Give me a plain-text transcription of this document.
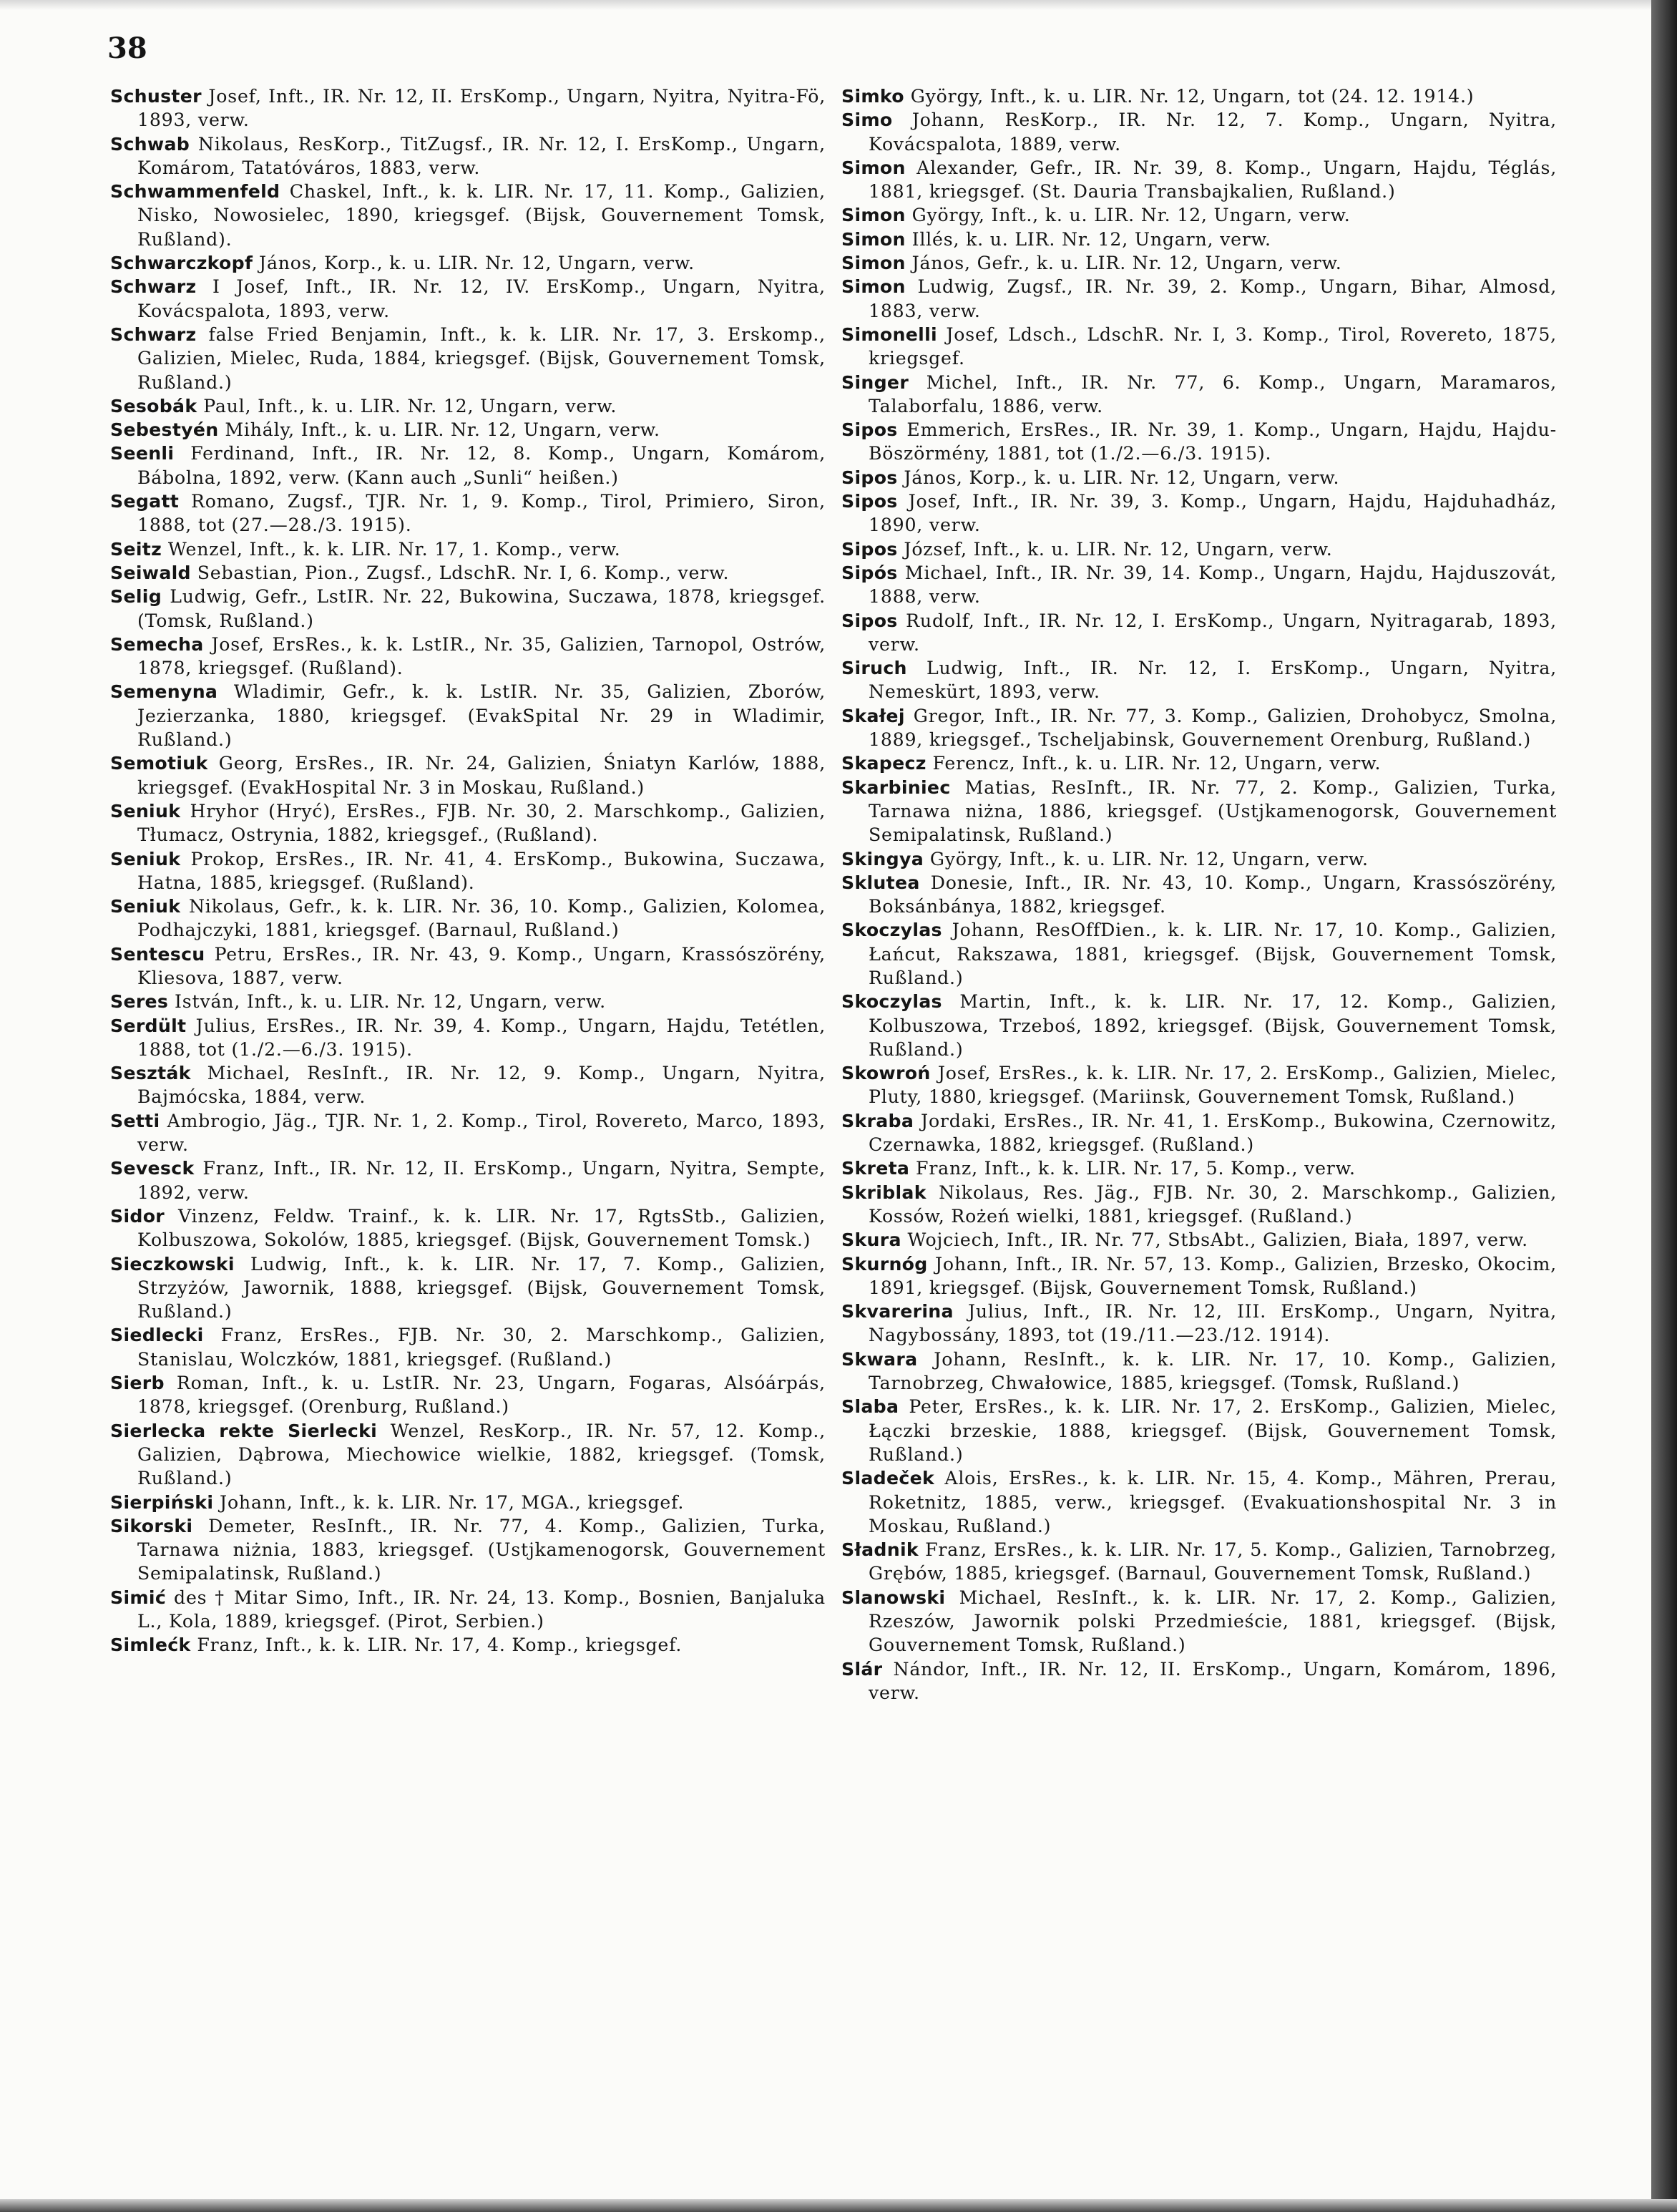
38

Schuster Josef, Inft., IR. Nr. 12, II. ErsKomp., Ungarn, Nyitra, Nyitra-Fö, 1893, verw.

Schwab Nikolaus, ResKorp., TitZugsf., IR. Nr. 12, I. ErsKomp., Ungarn, Komárom, Tatatóváros, 1883, verw.

Schwammenfeld Chaskel, Inft., k. k. LIR. Nr. 17, 11. Komp., Galizien, Nisko, Nowosielec, 1890, kriegsgef. (Bijsk, Gouvernement Tomsk, Rußland).

Schwarczkopf János, Korp., k. u. LIR. Nr. 12, Ungarn, verw.

Schwarz I Josef, Inft., IR. Nr. 12, IV. ErsKomp., Ungarn, Nyitra, Kovácspalota, 1893, verw.

Schwarz false Fried Benjamin, Inft., k. k. LIR. Nr. 17, 3. Erskomp., Galizien, Mielec, Ruda, 1884, kriegsgef. (Bijsk, Gouvernement Tomsk, Rußland.)

Sesobák Paul, Inft., k. u. LIR. Nr. 12, Ungarn, verw.

Sebestyén Mihály, Inft., k. u. LIR. Nr. 12, Ungarn, verw.

Seenli Ferdinand, Inft., IR. Nr. 12, 8. Komp., Ungarn, Komárom, Bábolna, 1892, verw. (Kann auch „Sunli“ heißen.)

Segatt Romano, Zugsf., TJR. Nr. 1, 9. Komp., Tirol, Primiero, Siron, 1888, tot (27.—28./3. 1915).

Seitz Wenzel, Inft., k. k. LIR. Nr. 17, 1. Komp., verw.

Seiwald Sebastian, Pion., Zugsf., LdschR. Nr. I, 6. Komp., verw.

Selig Ludwig, Gefr., LstIR. Nr. 22, Bukowina, Suczawa, 1878, kriegsgef. (Tomsk, Rußland.)

Semecha Josef, ErsRes., k. k. LstIR., Nr. 35, Galizien, Tarnopol, Ostrów, 1878, kriegsgef. (Rußland).

Semenyna Wladimir, Gefr., k. k. LstIR. Nr. 35, Galizien, Zborów, Jezierzanka, 1880, kriegsgef. (EvakSpital Nr. 29 in Wladimir, Rußland.)

Semotiuk Georg, ErsRes., IR. Nr. 24, Galizien, Śniatyn Karlów, 1888, kriegsgef. (EvakHospital Nr. 3 in Moskau, Rußland.)

Seniuk Hryhor (Hryć), ErsRes., FJB. Nr. 30, 2. Marschkomp., Galizien, Tłumacz, Ostrynia, 1882, kriegsgef., (Rußland).

Seniuk Prokop, ErsRes., IR. Nr. 41, 4. ErsKomp., Bukowina, Suczawa, Hatna, 1885, kriegsgef. (Rußland).

Seniuk Nikolaus, Gefr., k. k. LIR. Nr. 36, 10. Komp., Galizien, Kolomea, Podhajczyki, 1881, kriegsgef. (Barnaul, Rußland.)

Sentescu Petru, ErsRes., IR. Nr. 43, 9. Komp., Ungarn, Krassószörény, Kliesova, 1887, verw.

Seres István, Inft., k. u. LIR. Nr. 12, Ungarn, verw.

Serdült Julius, ErsRes., IR. Nr. 39, 4. Komp., Ungarn, Hajdu, Tetétlen, 1888, tot (1./2.—6./3. 1915).

Seszták Michael, ResInft., IR. Nr. 12, 9. Komp., Ungarn, Nyitra, Bajmócska, 1884, verw.

Setti Ambrogio, Jäg., TJR. Nr. 1, 2. Komp., Tirol, Rovereto, Marco, 1893, verw.

Sevesck Franz, Inft., IR. Nr. 12, II. ErsKomp., Ungarn, Nyitra, Sempte, 1892, verw.

Sidor Vinzenz, Feldw. Trainf., k. k. LIR. Nr. 17, RgtsStb., Galizien, Kolbuszowa, Sokolów, 1885, kriegsgef. (Bijsk, Gouvernement Tomsk.)

Sieczkowski Ludwig, Inft., k. k. LIR. Nr. 17, 7. Komp., Galizien, Strzyżów, Jawornik, 1888, kriegsgef. (Bijsk, Gouvernement Tomsk, Rußland.)

Siedlecki Franz, ErsRes., FJB. Nr. 30, 2. Marschkomp., Galizien, Stanislau, Wolczków, 1881, kriegsgef. (Rußland.)

Sierb Roman, Inft., k. u. LstIR. Nr. 23, Ungarn, Fogaras, Alsóárpás, 1878, kriegsgef. (Orenburg, Rußland.)

Sierlecka rekte Sierlecki Wenzel, ResKorp., IR. Nr. 57, 12. Komp., Galizien, Dąbrowa, Miechowice wielkie, 1882, kriegsgef. (Tomsk, Rußland.)

Sierpiński Johann, Inft., k. k. LIR. Nr. 17, MGA., kriegsgef.

Sikorski Demeter, ResInft., IR. Nr. 77, 4. Komp., Galizien, Turka, Tarnawa niżnia, 1883, kriegsgef. (Ustjkamenogorsk, Gouvernement Semipalatinsk, Rußland.)

Simić des † Mitar Simo, Inft., IR. Nr. 24, 13. Komp., Bosnien, Banjaluka L., Kola, 1889, kriegsgef. (Pirot, Serbien.)

Simlećk Franz, Inft., k. k. LIR. Nr. 17, 4. Komp., kriegsgef.

Simko György, Inft., k. u. LIR. Nr. 12, Ungarn, tot (24. 12. 1914.)

Simo Johann, ResKorp., IR. Nr. 12, 7. Komp., Ungarn, Nyitra, Kovácspalota, 1889, verw.

Simon Alexander, Gefr., IR. Nr. 39, 8. Komp., Ungarn, Hajdu, Téglás, 1881, kriegsgef. (St. Dauria Transbajkalien, Rußland.)

Simon György, Inft., k. u. LIR. Nr. 12, Ungarn, verw.

Simon Illés, k. u. LIR. Nr. 12, Ungarn, verw.

Simon János, Gefr., k. u. LIR. Nr. 12, Ungarn, verw.

Simon Ludwig, Zugsf., IR. Nr. 39, 2. Komp., Ungarn, Bihar, Almosd, 1883, verw.

Simonelli Josef, Ldsch., LdschR. Nr. I, 3. Komp., Tirol, Rovereto, 1875, kriegsgef.

Singer Michel, Inft., IR. Nr. 77, 6. Komp., Ungarn, Maramaros, Talaborfalu, 1886, verw.

Sipos Emmerich, ErsRes., IR. Nr. 39, 1. Komp., Ungarn, Hajdu, Hajdu-Böszörmény, 1881, tot (1./2.—6./3. 1915).

Sipos János, Korp., k. u. LIR. Nr. 12, Ungarn, verw.

Sipos Josef, Inft., IR. Nr. 39, 3. Komp., Ungarn, Hajdu, Hajduhadház, 1890, verw.

Sipos József, Inft., k. u. LIR. Nr. 12, Ungarn, verw.

Sipós Michael, Inft., IR. Nr. 39, 14. Komp., Ungarn, Hajdu, Hajduszovát, 1888, verw.

Sipos Rudolf, Inft., IR. Nr. 12, I. ErsKomp., Ungarn, Nyitragarab, 1893, verw.

Siruch Ludwig, Inft., IR. Nr. 12, I. ErsKomp., Ungarn, Nyitra, Nemeskürt, 1893, verw.

Skałej Gregor, Inft., IR. Nr. 77, 3. Komp., Galizien, Drohobycz, Smolna, 1889, kriegsgef., Tscheljabinsk, Gouvernement Orenburg, Rußland.)

Skapecz Ferencz, Inft., k. u. LIR. Nr. 12, Ungarn, verw.

Skarbiniec Matias, ResInft., IR. Nr. 77, 2. Komp., Galizien, Turka, Tarnawa niżna, 1886, kriegsgef. (Ustjkamenogorsk, Gouvernement Semipalatinsk, Rußland.)

Skingya György, Inft., k. u. LIR. Nr. 12, Ungarn, verw.

Sklutea Donesie, Inft., IR. Nr. 43, 10. Komp., Ungarn, Krassószörény, Boksánbánya, 1882, kriegsgef.

Skoczylas Johann, ResOffDien., k. k. LIR. Nr. 17, 10. Komp., Galizien, Łańcut, Rakszawa, 1881, kriegsgef. (Bijsk, Gouvernement Tomsk, Rußland.)

Skoczylas Martin, Inft., k. k. LIR. Nr. 17, 12. Komp., Galizien, Kolbuszowa, Trzeboś, 1892, kriegsgef. (Bijsk, Gouvernement Tomsk, Rußland.)

Skowroń Josef, ErsRes., k. k. LIR. Nr. 17, 2. ErsKomp., Galizien, Mielec, Pluty, 1880, kriegsgef. (Mariinsk, Gouvernement Tomsk, Rußland.)

Skraba Jordaki, ErsRes., IR. Nr. 41, 1. ErsKomp., Bukowina, Czernowitz, Czernawka, 1882, kriegsgef. (Rußland.)

Skreta Franz, Inft., k. k. LIR. Nr. 17, 5. Komp., verw.

Skriblak Nikolaus, Res. Jäg., FJB. Nr. 30, 2. Marschkomp., Galizien, Kossów, Rożeń wielki, 1881, kriegsgef. (Rußland.)

Skura Wojciech, Inft., IR. Nr. 77, StbsAbt., Galizien, Biała, 1897, verw.

Skurnóg Johann, Inft., IR. Nr. 57, 13. Komp., Galizien, Brzesko, Okocim, 1891, kriegsgef. (Bijsk, Gouvernement Tomsk, Rußland.)

Skvarerina Julius, Inft., IR. Nr. 12, III. ErsKomp., Ungarn, Nyitra, Nagybossány, 1893, tot (19./11.—23./12. 1914).

Skwara Johann, ResInft., k. k. LIR. Nr. 17, 10. Komp., Galizien, Tarnobrzeg, Chwałowice, 1885, kriegsgef. (Tomsk, Rußland.)

Slaba Peter, ErsRes., k. k. LIR. Nr. 17, 2. ErsKomp., Galizien, Mielec, Łączki brzeskie, 1888, kriegsgef. (Bijsk, Gouvernement Tomsk, Rußland.)

Sladeček Alois, ErsRes., k. k. LIR. Nr. 15, 4. Komp., Mähren, Prerau, Roketnitz, 1885, verw., kriegsgef. (Evakuationshospital Nr. 3 in Moskau, Rußland.)

Sładnik Franz, ErsRes., k. k. LIR. Nr. 17, 5. Komp., Galizien, Tarnobrzeg, Grębów, 1885, kriegsgef. (Barnaul, Gouvernement Tomsk, Rußland.)

Slanowski Michael, ResInft., k. k. LIR. Nr. 17, 2. Komp., Galizien, Rzeszów, Jawornik polski Przedmieście, 1881, kriegsgef. (Bijsk, Gouvernement Tomsk, Rußland.)

Slár Nándor, Inft., IR. Nr. 12, II. ErsKomp., Ungarn, Komárom, 1896, verw.
